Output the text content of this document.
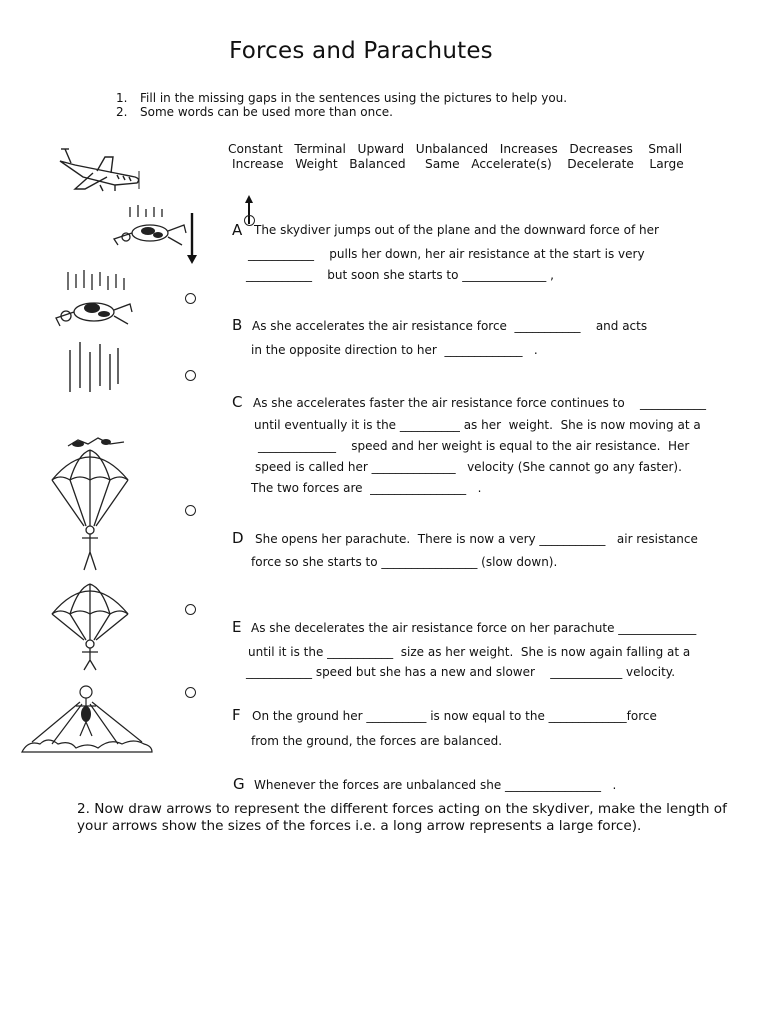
Forces and Parachutes
1. Fill in the missing gaps in the sentences using the pictures to help you.
2. Some words can be used more than once.
Constant   Terminal   Upward   Unbalanced   Increases   Decreases    Small
Increase   Weight   Balanced     Same   Accelerate(s)    Decelerate    Large
A The skydiver jumps out of the plane and the downward force of her
___________    pulls her down, her air resistance at the start is very
___________    but soon she starts to ______________ ,
B As she accelerates the air resistance force  ___________    and acts
in the opposite direction to her  _____________   .
C As she accelerates faster the air resistance force continues to    ___________
until eventually it is the __________ as her  weight.  She is now moving at a
_____________    speed and her weight is equal to the air resistance.  Her
speed is called her ______________   velocity (She cannot go any faster).
The two forces are  ________________   .
D She opens her parachute.  There is now a very ___________   air resistance
force so she starts to ________________ (slow down).
E As she decelerates the air resistance force on her parachute _____________
until it is the ___________  size as her weight.  She is now again falling at a
___________ speed but she has a new and slower    ____________ velocity.
F On the ground her __________ is now equal to the _____________force
from the ground, the forces are balanced.
G Whenever the forces are unbalanced she ________________   .
2. Now draw arrows to represent the different forces acting on the skydiver, make the length of your arrows show the sizes of the forces i.e. a long arrow represents a large force).
